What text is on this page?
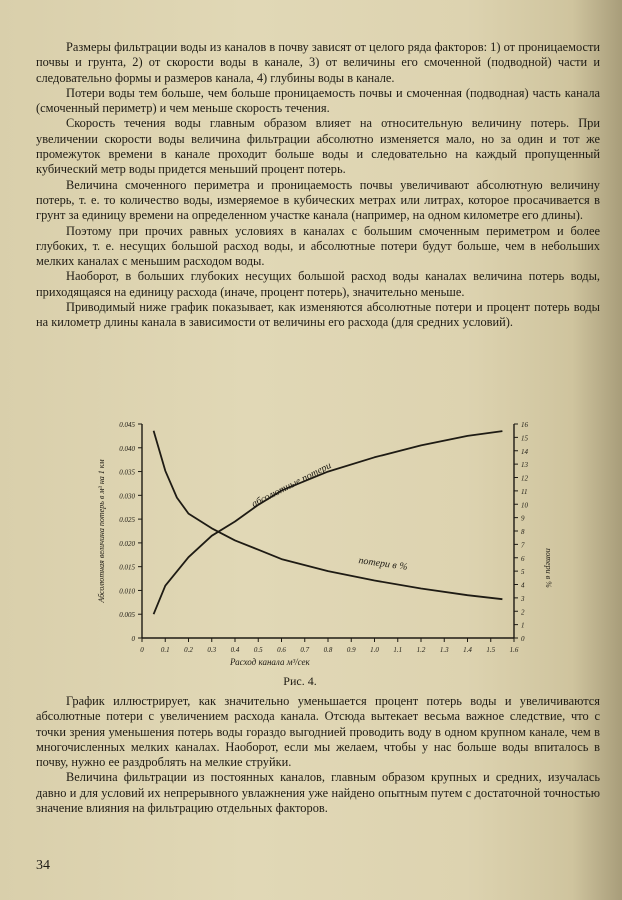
Размеры фильтрации воды из каналов в почву зависят от целого ряда факторов: 1) от проницаемости почвы и грунта, 2) от скорости воды в канале, 3) от величины его смоченной (подводной) части и следовательно формы и размеров канала, 4) глубины воды в канале.

Потери воды тем больше, чем больше проницаемость почвы и смоченная (подводная) часть канала (смоченный периметр) и чем меньше скорость течения.

Скорость течения воды главным образом влияет на относительную величину потерь. При увеличении скорости воды величина фильтрации абсолютно изменяется мало, но за один и тот же промежуток времени в канале проходит больше воды и следовательно на каждый пропущенный кубический метр воды придется меньший процент потерь.

Величина смоченного периметра и проницаемость почвы увеличивают абсолютную величину потерь, т. е. то количество воды, измеряемое в кубических метрах или литрах, которое просачивается в грунт за единицу времени на определенном участке канала (например, на одном километре его длины).

Поэтому при прочих равных условиях в каналах с большим смоченным периметром и более глубоких, т. е. несущих большой расход воды, и абсолютные потери будут больше, чем в небольших мелких каналах с меньшим расходом воды.

Наоборот, в больших глубоких несущих большой расход воды каналах величина потерь воды, приходящаяся на единицу расхода (иначе, процент потерь), значительно меньше.

Приводимый ниже график показывает, как изменяются абсолютные потери и процент потерь воды на километр длины канала в зависимости от величины его расхода (для средних условий).

0
0.005
0.010
0.015
0.020
0.025
0.030
0.035
0.040
0.045
0
1
2
3
4
5
6
7
8
9
10
11
12
13
14
15
16
0 0.1 0.2 0.3 0.4 0.5 0.6 0.7 0.8 0.9 1.0 1.1 1.2 1.3 1.4 1.5 1.6
абсолютные потери
потери в %
Расход канала м³/сек
Абсолютная величина потерь в м³ на 1 км	потери в %
Рис. 4.

График иллюстрирует, как значительно уменьшается процент потерь воды и увеличиваются абсолютные потери с увеличением расхода канала. Отсюда вытекает весьма важное следствие, что с точки зрения уменьшения потерь воды гораздо выгоднией проводить воду в одном крупном канале, чем в многочисленных мелких каналах. Наоборот, если мы желаем, чтобы у нас больше воды впиталось в почву, нужно ее раздроблять на мелкие струйки.

Величина фильтрации из постоянных каналов, главным образом крупных и средних, изучалась давно и для условий их непрерывного увлажнения уже найдено опытным путем с достаточной точностью значение влияния на фильтрацию отдельных факторов.

34
